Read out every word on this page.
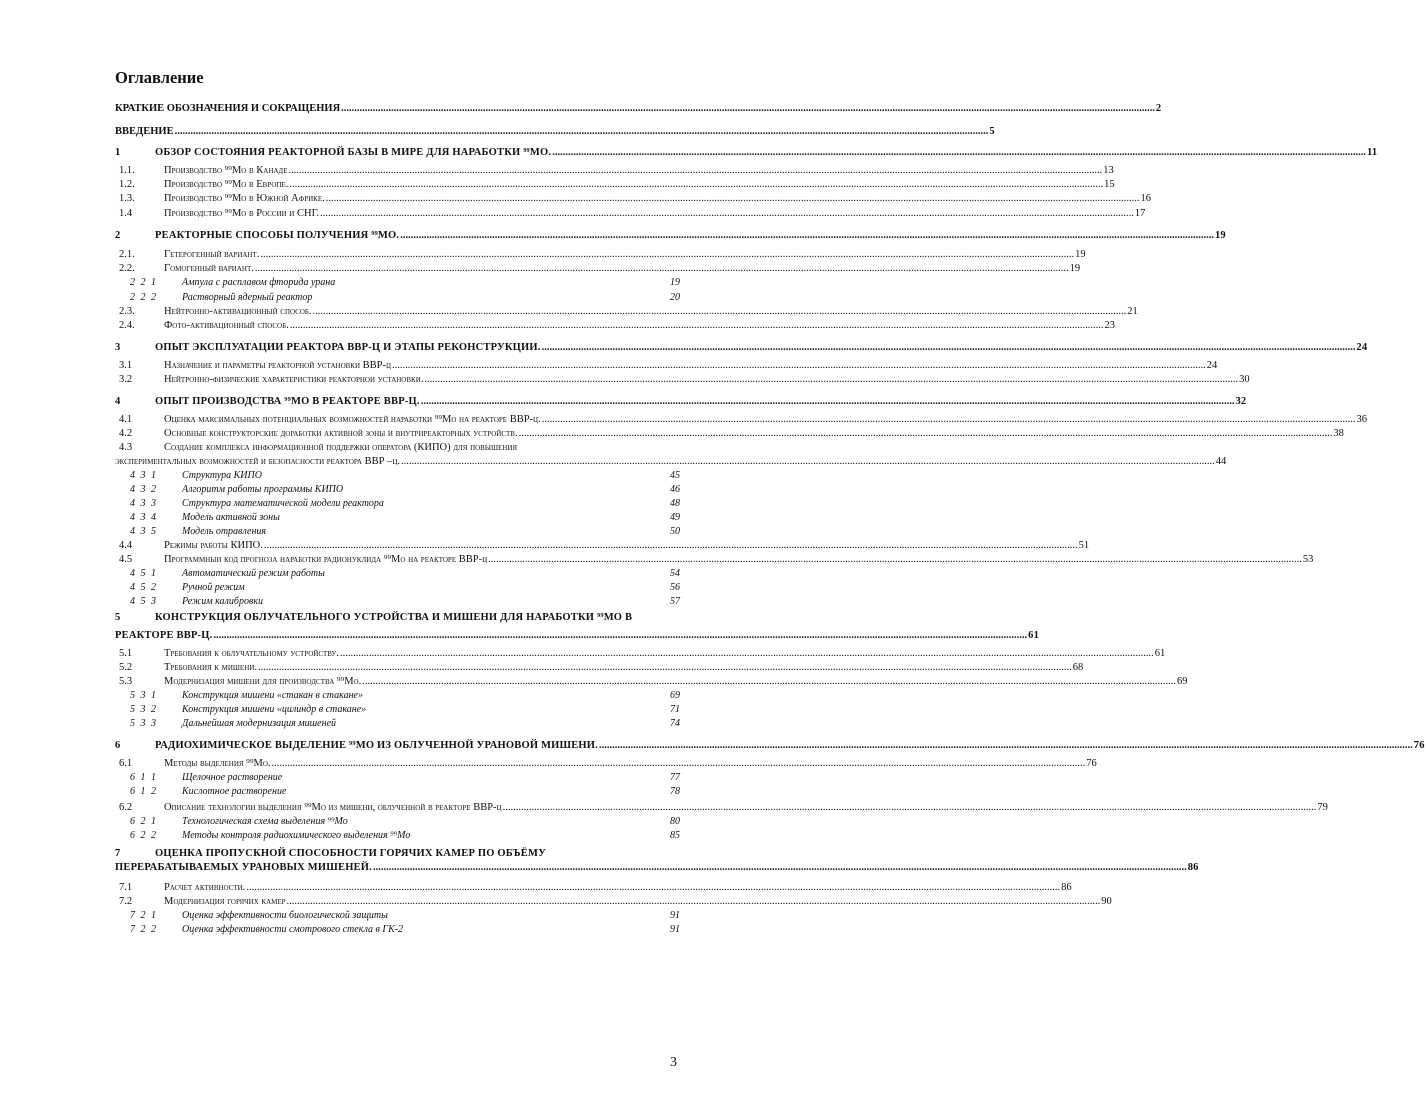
Оглавление
КРАТКИЕ ОБОЗНАЧЕНИЯ И СОКРАЩЕНИЯ .....	2
ВВЕДЕНИЕ .....	5
1	ОБЗОР СОСТОЯНИЯ РЕАКТОРНОЙ БАЗЫ В МИРЕ ДЛЯ НАРАБОТКИ ⁹⁹МО. .....	11
1.1.	Производство ⁹⁹Мо в Канаде .....	13
1.2.	Производство ⁹⁹Мо в Европе. .....	15
1.3.	Производство ⁹⁹Мо в Южной Африке. .....	16
1.4	Производство ⁹⁹Мо в России и СНГ. .....	17
2	РЕАКТОРНЫЕ СПОСОБЫ ПОЛУЧЕНИЯ ⁹⁹МО. .....	19
2.1.	Гетерогенный вариант. .....	19
2.2.	Гомогенный вариант. .....	19
2 2 1	Ампула с расплавом фторида урана	19
2 2 2	Растворный ядерный реактор	20
2.3.	Нейтронно-активационный способ. .....	21
2.4.	Фото-активационный способ. .....	23
3	ОПЫТ ЭКСПЛУАТАЦИИ РЕАКТОРА ВВР-Ц И ЭТАПЫ РЕКОНСТРУКЦИИ. .....	24
3.1	Назначение и параметры реакторной установки ВВР-ц .....	24
3.2	Нейтронно-физические характеристики реакторнои установки. .....	30
4	ОПЫТ ПРОИЗВОДСТВА ⁹⁹МО В РЕАКТОРЕ ВВР-Ц. .....	32
4.1	Оценка максимальных потенциальных возможностей наработки ⁹⁹Мо на реакторе ВВР-ц. .....	36
4.2	Основные конструкторские доработки активной зоны и внутриреакторных устройств. .....	38
4.3	Создание комплекса информационной поддержки оператора (КИПО) для повышения
экспериментальных возможностей и безопасности реактора ВВР –ц. .....	44
4 3 1	Структура КИПО	45
4 3 2	Алгоритм работы программы КИПО	46
4 3 3	Структура математической модели реактора	48
4 3 4	Модель активной зоны	49
4 3 5	Модель отравления	50
4.4	Режимы работы КИПО. .....	51
4.5	Программныи код прогноза наработки радионуклида ⁹⁹Мо на реакторе ВВР-ц .....	53
4 5 1	Автоматический режим работы	54
4 5 2	Ручной режим	56
4 5 3	Режим калибровки	57
5	КОНСТРУКЦИЯ ОБЛУЧАТЕЛЬНОГО УСТРОЙСТВА И МИШЕНИ ДЛЯ НАРАБОТКИ ⁹⁹МО В
РЕАКТОРЕ ВВР-Ц. .....	61
5.1	Требования к облучательному устройству. .....	61
5.2	Требования к мишени. .....	68
5.3	Модернизация мишени для производства ⁹⁹Мо. .....	69
5 3 1	Конструкция мишени «стакан в стакане»	69
5 3 2	Конструкция мишени «цилиндр в стакане»	71
5 3 3	Дальнейшая модернизация мишеней	74
6	РАДИОХИМИЧЕСКОЕ ВЫДЕЛЕНИЕ ⁹⁹МО ИЗ ОБЛУЧЕННОЙ УРАНОВОЙ МИШЕНИ. .....	76
6.1	Методы выделения ⁹⁹Мо. .....	76
6 1 1	Щелочное растворение	77
6 1 2	Кислотное растворение	78
6.2	Описание технологии выделения ⁹⁹Мо из мишени, облученной в реакторе ВВР-ц .....	79
6 2 1	Технологическая схема выделения ⁹⁹Мо	80
6 2 2	Методы контроля радиохимического выделения ⁹⁹Мо	85
7	ОЦЕНКА ПРОПУСКНОЙ СПОСОБНОСТИ ГОРЯЧИХ КАМЕР ПО ОБЪЁМУ
ПЕРЕРАБАТЫВАЕМЫХ УРАНОВЫХ МИШЕНЕЙ. .....	86
7.1	Расчет активности. .....	86
7.2	Модернизация горячих камер .....	90
7 2 1	Оценка эффективности биологической защиты	91
7 2 2	Оценка эффективности смотрового стекла в ГК-2	91
3
